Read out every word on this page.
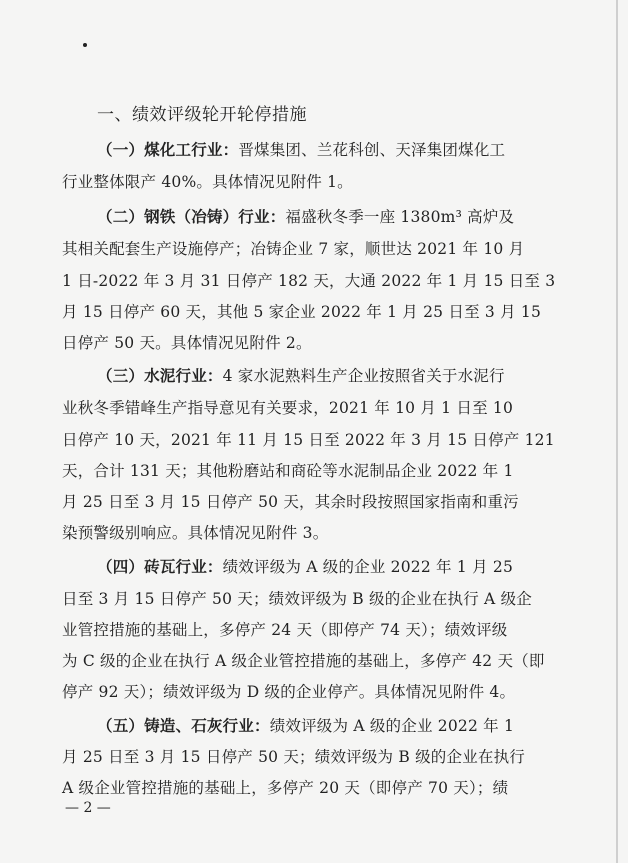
一、绩效评级轮开轮停措施
（一）煤化工行业：晋煤集团、兰花科创、天泽集团煤化工
行业整体限产 40%。具体情况见附件 1。
（二）钢铁（冶铸）行业：福盛秋冬季一座 1380m³ 高炉及
其相关配套生产设施停产；冶铸企业 7 家，顺世达 2021 年 10 月
1 日-2022 年 3 月 31 日停产 182 天，大通 2022 年 1 月 15 日至 3
月 15 日停产 60 天，其他 5 家企业 2022 年 1 月 25 日至 3 月 15
日停产 50 天。具体情况见附件 2。
（三）水泥行业：4 家水泥熟料生产企业按照省关于水泥行
业秋冬季错峰生产指导意见有关要求，2021 年 10 月 1 日至 10
日停产 10 天，2021 年 11 月 15 日至 2022 年 3 月 15 日停产 121
天，合计 131 天；其他粉磨站和商砼等水泥制品企业 2022 年 1
月 25 日至 3 月 15 日停产 50 天，其余时段按照国家指南和重污
染预警级别响应。具体情况见附件 3。
（四）砖瓦行业：绩效评级为 A 级的企业 2022 年 1 月 25
日至 3 月 15 日停产 50 天；绩效评级为 B 级的企业在执行 A 级企
业管控措施的基础上，多停产 24 天（即停产 74 天）；绩效评级
为 C 级的企业在执行 A 级企业管控措施的基础上，多停产 42 天（即
停产 92 天）；绩效评级为 D 级的企业停产。具体情况见附件 4。
（五）铸造、石灰行业：绩效评级为 A 级的企业 2022 年 1
月 25 日至 3 月 15 日停产 50 天；绩效评级为 B 级的企业在执行
A 级企业管控措施的基础上，多停产 20 天（即停产 70 天）；绩
— 2 —
